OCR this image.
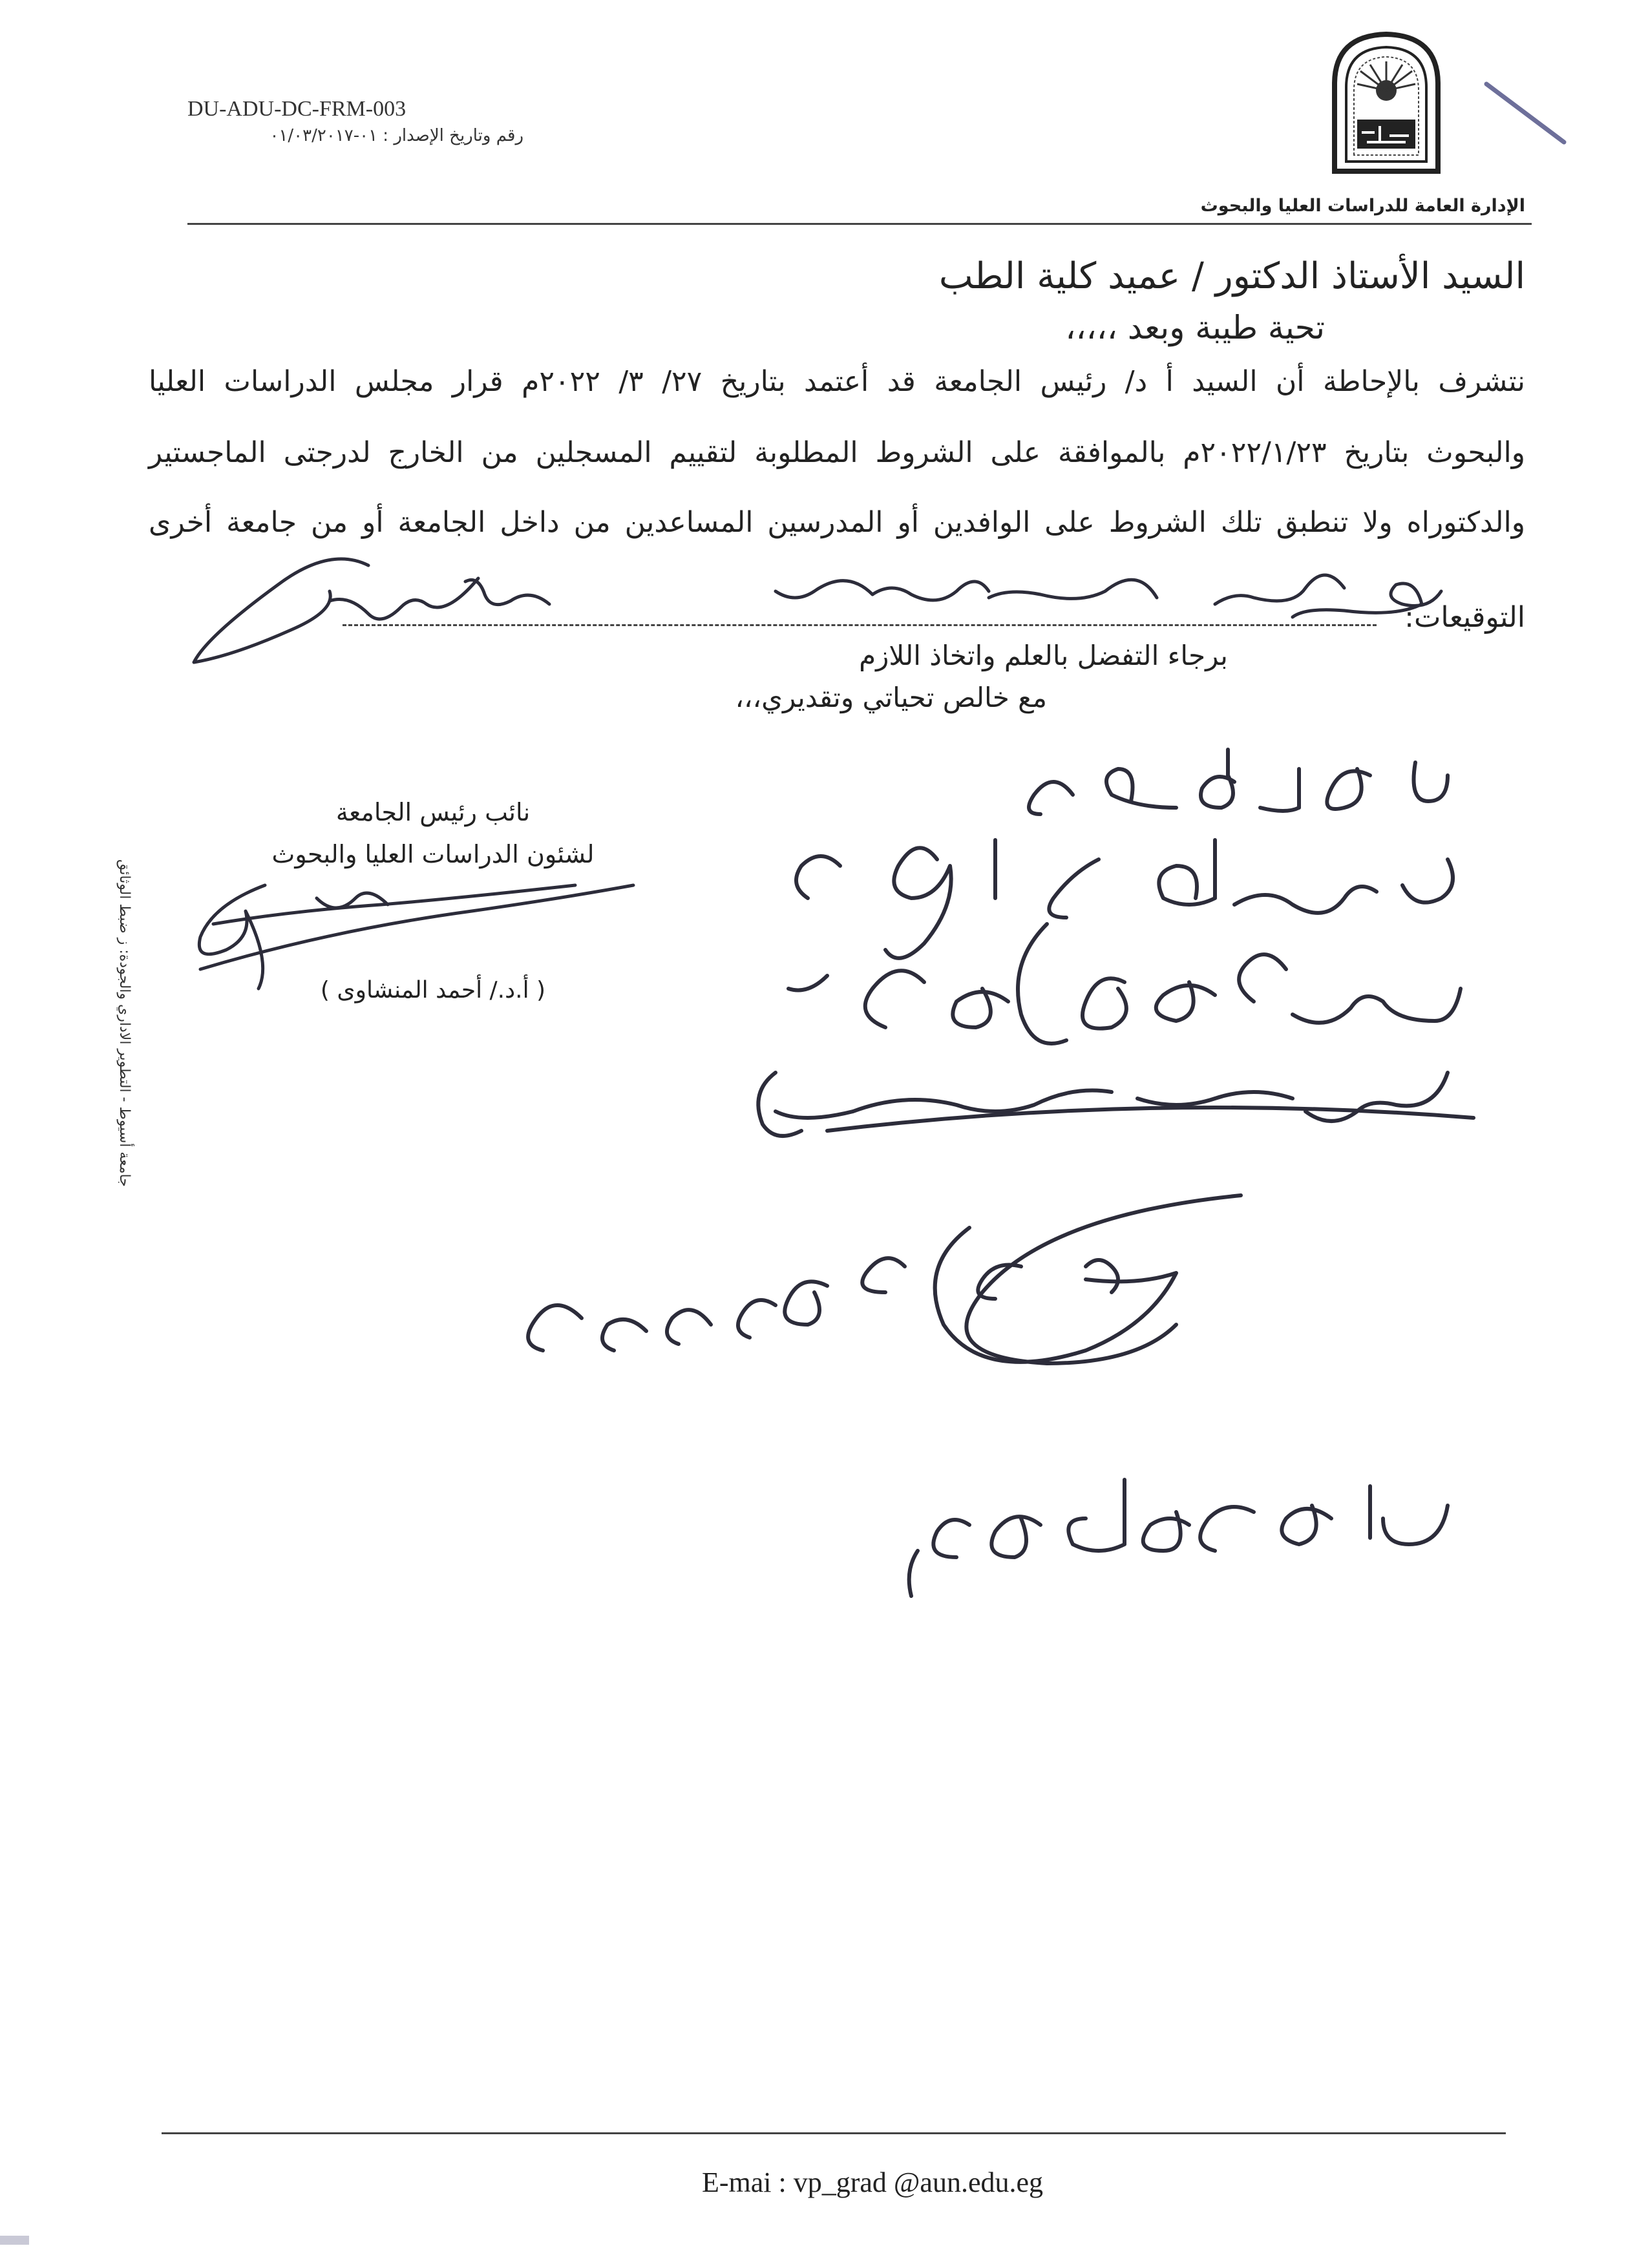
DU-ADU-DC-FRM-003
رقم وتاريخ الإصدار : ٠١-٠١/٠٣/٢٠١٧
الإدارة العامة للدراسات العليا والبحوث
السيد الأستاذ الدكتور / عميد كلية الطب
تحية طيبة وبعد ،،،،،
نتشرف بالإحاطة أن السيد أ د/ رئيس الجامعة قد أعتمد بتاريخ ٢٧/ ٣/ ٢٠٢٢م قرار مجلس الدراسات العليا
والبحوث بتاريخ ٢٠٢٢/١/٢٣م بالموافقة على الشروط المطلوبة لتقييم المسجلين من الخارج لدرجتى الماجستير
والدكتوراه ولا تنطبق تلك الشروط على الوافدين أو المدرسين المساعدين من داخل الجامعة أو من جامعة أخرى
التوقيعات:
برجاء التفضل بالعلم واتخاذ اللازم
مع خالص تحياتي وتقديري،،،
نائب رئيس الجامعة
لشئون الدراسات العليا والبحوث
( أ.د./ أحمد المنشاوى )
جامعة أسيوط - التطوير الاداري والجودة: ز ضبط الوثائق
E-mai : vp_grad @aun.edu.eg
